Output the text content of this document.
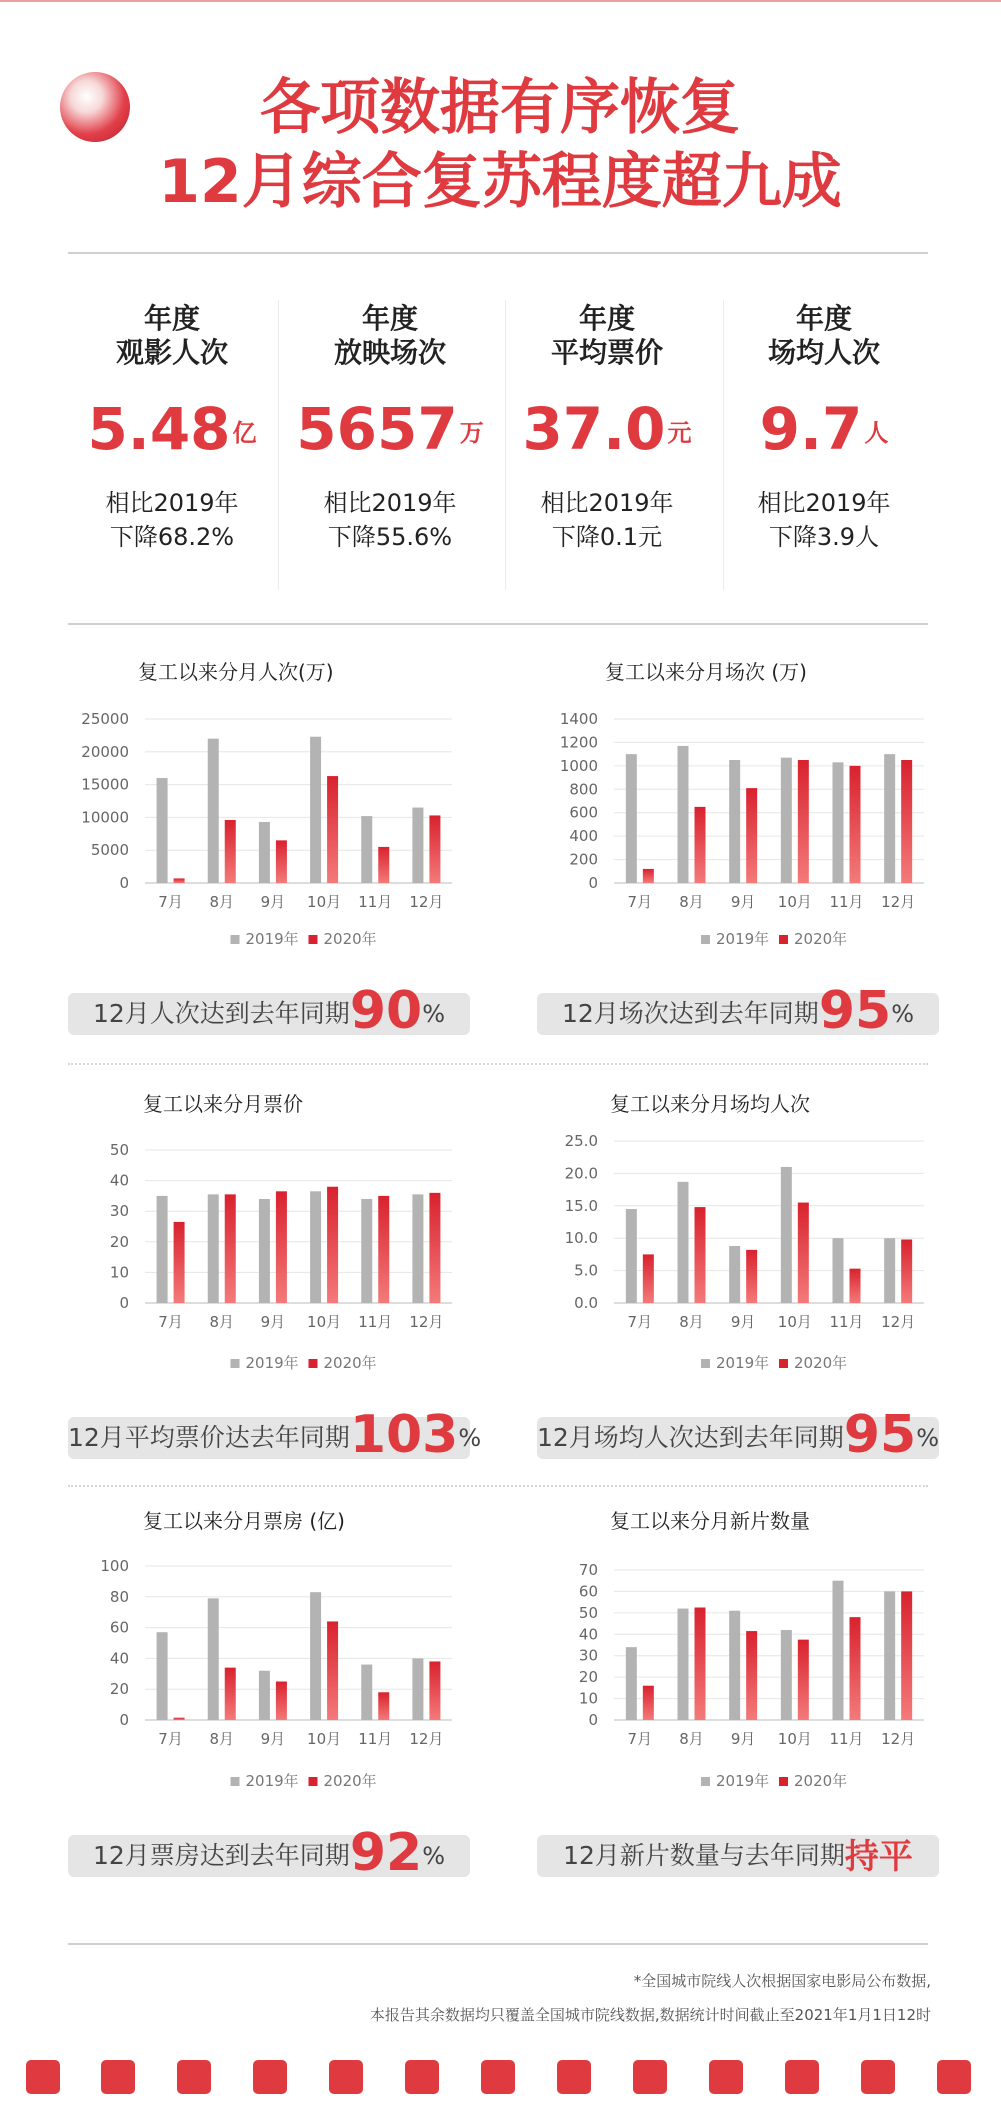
各项数据有序恢复
12月综合复苏程度超九成
年度
观影人次
$5.48^亿$
相比2019年
下降68.2%
年度
放映场次
$5657^万$
相比2019年
下降55.6%
年度
平均票价
$37.0^元$
相比2019年
下降0.1元
年度
场均人次
$9.7^人$
相比2019年
下降3.9人
复工以来分月人次(万)	复工以来分月场次 (万)
复工以来分月票价	复工以来分月场均人次
复工以来分月票房 (亿)	复工以来分月新片数量
0
5000
10000
15000
20000
25000
7月 8月 9月 10月 11月 12月
2019年 2020年
0
200
400
600
800
1000
1200
1400
7月 8月 9月 10月 11月 12月
2019年 2020年
0
10
20
30
40
50
7月 8月 9月 10月 11月 12月
2019年 2020年
0.0
5.0
10.0
15.0
20.0
25.0
7月 8月 9月 10月 11月 12月
2019年 2020年
0
20
40
60
80
100
7月 8月 9月 10月 11月 12月
2019年 2020年
0
10
20
30
40
50
60
70
7月 8月 9月 10月 11月 12月
2019年 2020年
12月人次达到去年同期90%	12月场次达到去年同期95%
12月平均票价达去年同期103% 12月场均人次达到去年同期95%
12月票房达到去年同期92%	12月新片数量与去年同期持平
*全国城市院线人次根据国家电影局公布数据,
本报告其余数据均只覆盖全国城市院线数据,数据统计时间截止至2021年1月1日12时
